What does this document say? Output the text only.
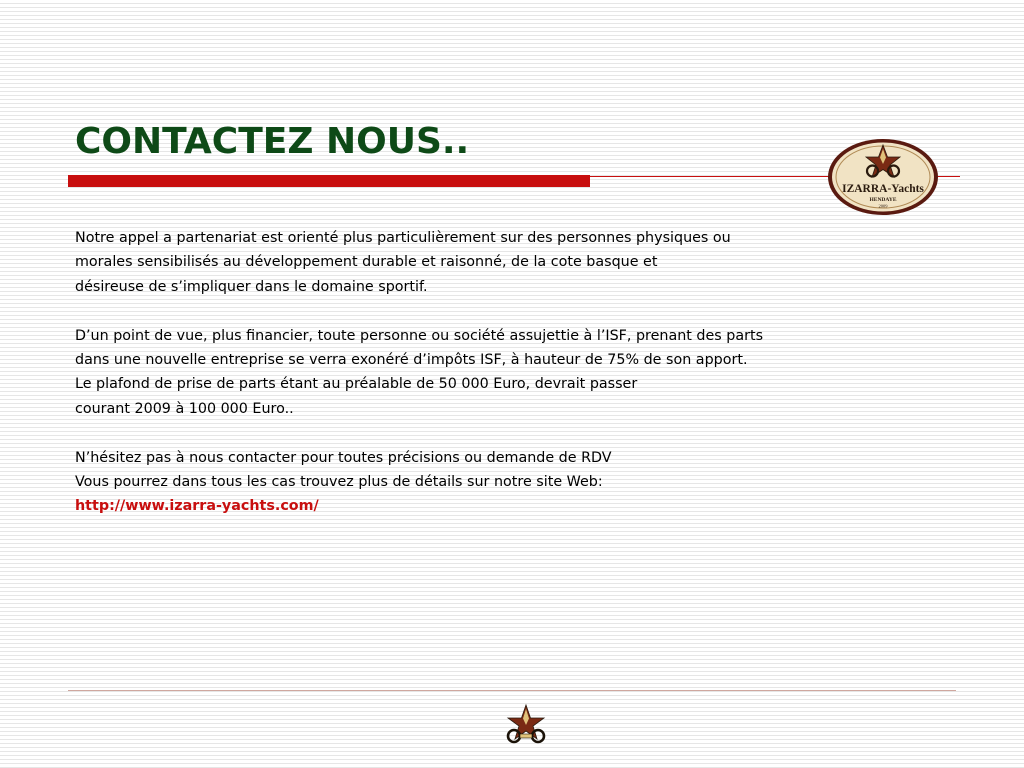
CONTACTEZ NOUS..
IZARRA-Yachts
HENDAYE
2009
Notre appel a partenariat est orienté plus particulièrement sur des personnes physiques ou
morales sensibilisés au développement durable et raisonné, de la cote basque et
désireuse de s’impliquer dans le domaine sportif.
D’un point de vue, plus financier, toute personne ou société assujettie à l’ISF, prenant des parts
dans une nouvelle entreprise se verra exonéré d’impôts ISF, à hauteur de 75% de son apport.
Le plafond de prise de parts étant au préalable de 50 000 Euro, devrait passer
courant 2009 à 100 000 Euro..
N’hésitez pas à nous contacter pour toutes précisions ou demande de RDV
Vous pourrez dans tous les cas trouvez plus de détails sur notre site Web:
http://www.izarra-yachts.com/
